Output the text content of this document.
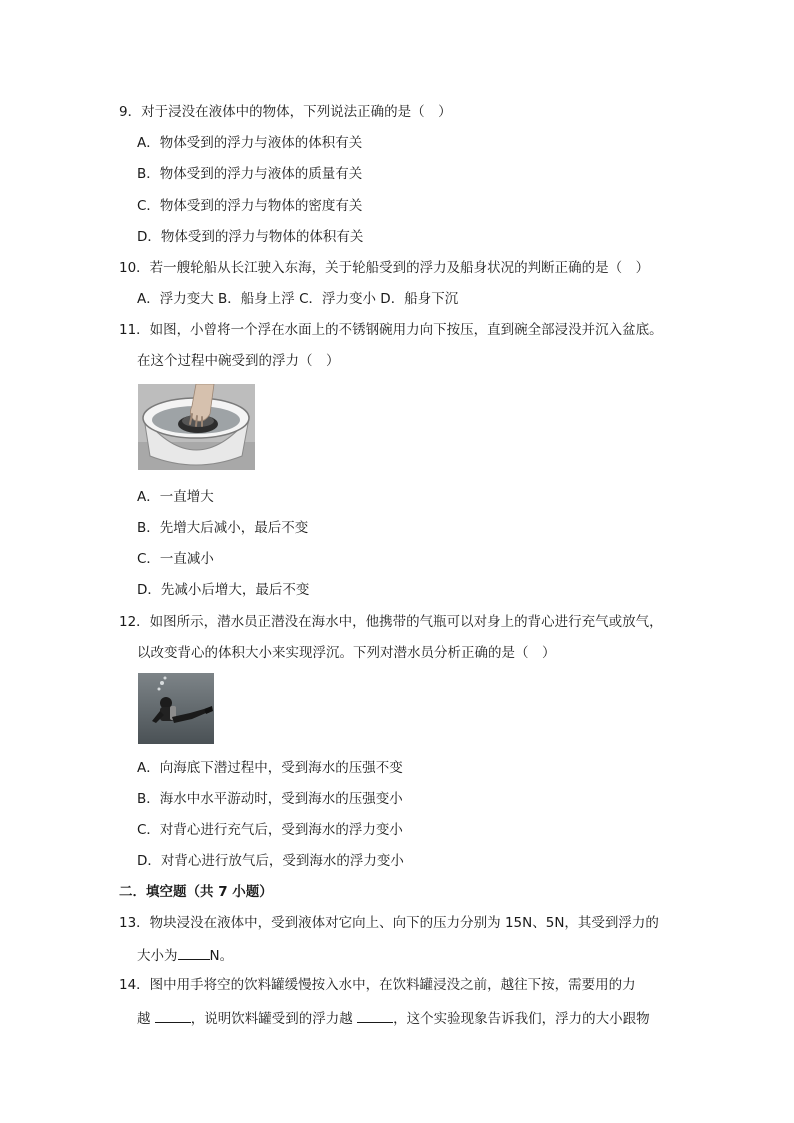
9．对于浸没在液体中的物体，下列说法正确的是（　）
A．物体受到的浮力与液体的体积有关
B．物体受到的浮力与液体的质量有关
C．物体受到的浮力与物体的密度有关
D．物体受到的浮力与物体的体积有关
10．若一艘轮船从长江驶入东海，关于轮船受到的浮力及船身状况的判断正确的是（　）
A．浮力变大 B．船身上浮 C．浮力变小 D．船身下沉
11．如图，小曾将一个浮在水面上的不锈钢碗用力向下按压，直到碗全部浸没并沉入盆底。
在这个过程中碗受到的浮力（　）
A．一直增大
B．先增大后减小，最后不变
C．一直减小
D．先减小后增大，最后不变
12．如图所示，潜水员正潜没在海水中，他携带的气瓶可以对身上的背心进行充气或放气，
以改变背心的体积大小来实现浮沉。下列对潜水员分析正确的是（　）
A．向海底下潜过程中，受到海水的压强不变
B．海水中水平游动时，受到海水的压强变小
C．对背心进行充气后，受到海水的浮力变小
D．对背心进行放气后，受到海水的浮力变小
二．填空题（共 7 小题）
13．物块浸没在液体中，受到液体对它向上、向下的压力分别为 15N、5N，其受到浮力的
大小为 N。
14．图中用手将空的饮料罐缓慢按入水中，在饮料罐浸没之前，越往下按，需要用的力
越	，说明饮料罐受到的浮力越	，这个实验现象告诉我们，浮力的大小跟物
